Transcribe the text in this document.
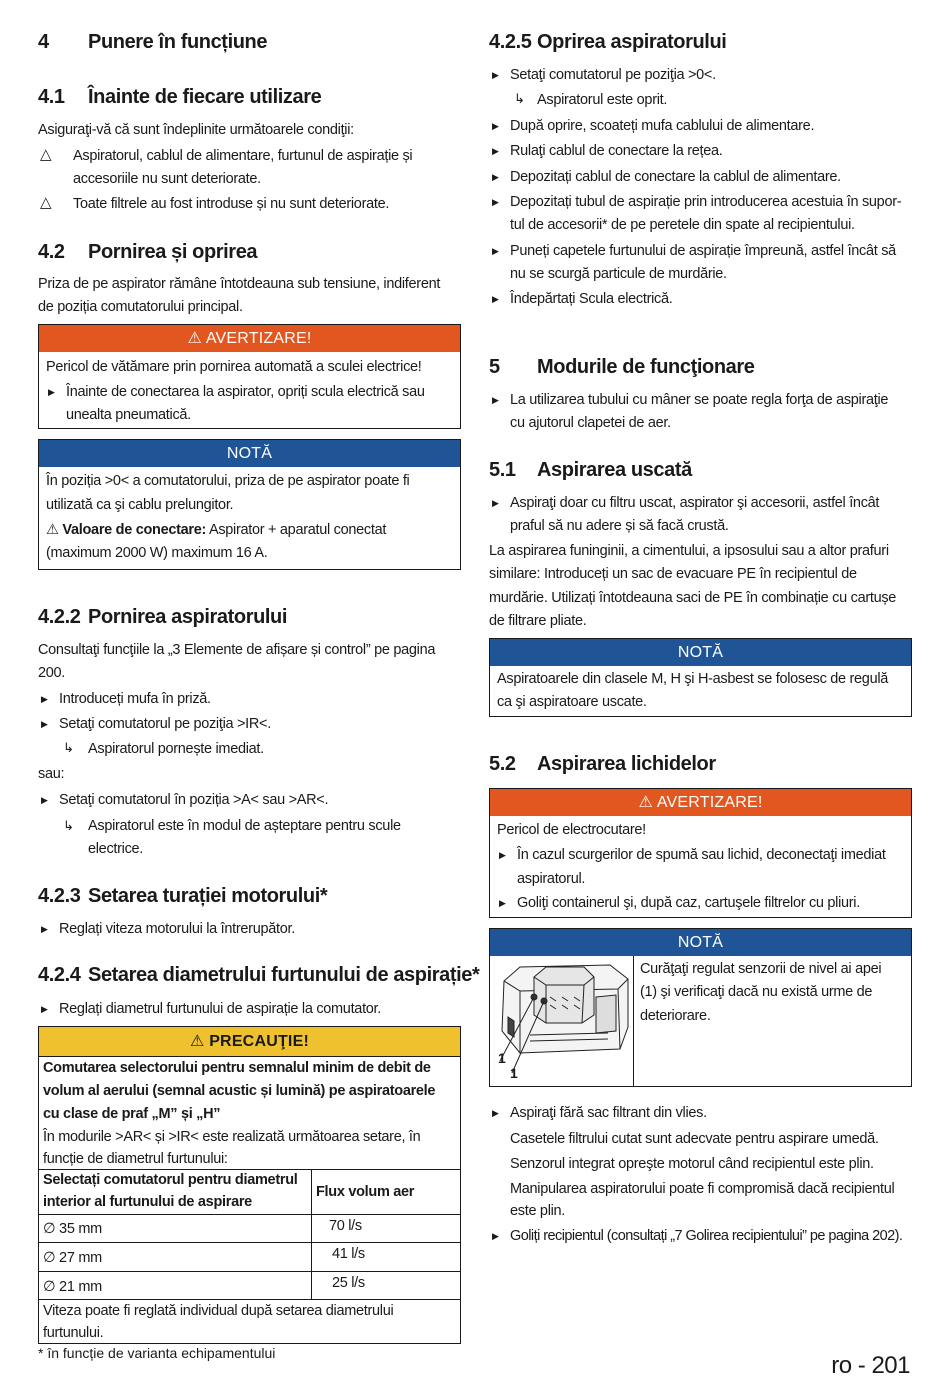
4 Punere în funcțiune
4.1 Înainte de fiecare utilizare
Asiguraţi-vă că sunt îndeplinite următoarele condiţii:
△ Aspiratorul, cablul de alimentare, furtunul de aspirație și
accesoriile nu sunt deteriorate.
△ Toate filtrele au fost introduse și nu sunt deteriorate.
4.2 Pornirea și oprirea
Priza de pe aspirator rămâne întotdeauna sub tensiune, indiferent
de poziția comutatorului principal.
⚠ AVERTIZARE!
Pericol de vătămare prin pornirea automată a sculei electrice!
▶ Înainte de conectarea la aspirator, opriți scula electrică sau
unealta pneumatică.
NOTĂ
În poziția >0< a comutatorului, priza de pe aspirator poate fi
utilizată ca şi cablu prelungitor.
⚠ Valoare de conectare: Aspirator + aparatul conectat
(maximum 2000 W) maximum 16 A.
4.2.2 Pornirea aspiratorului
Consultaţi funcţiile la „3 Elemente de afișare și control” pe pagina
200.
▶ Introduceți mufa în priză.
▶ Setaţi comutatorul pe poziţia >IR<.
↳ Aspiratorul pornește imediat.
sau:
▶ Setaţi comutatorul în poziția >A< sau >AR<.
↳ Aspiratorul este în modul de așteptare pentru scule
electrice.
4.2.3 Setarea turației motorului*
▶ Reglați viteza motorului la întrerupător.
4.2.4 Setarea diametrului furtunului de aspirație*
▶ Reglați diametrul furtunului de aspirație la comutator.
⚠ PRECAUŢIE!
Comutarea selectorului pentru semnalul minim de debit de
volum al aerului (semnal acustic și lumină) pe aspiratoarele
cu clase de praf „M” și „H”
În modurile >AR< și >IR< este realizată următoarea setare, în
funcție de diametrul furtunului:
Selectați comutatorul pentru diametrul
interior al furtunului de aspirare
Flux volum aer
∅ 35 mm	70 l/s
∅ 27 mm	41 l/s
∅ 21 mm	25 l/s
Viteza poate fi reglată individual după setarea diametrului
furtunului.
* în funcție de varianta echipamentului
4.2.5 Oprirea aspiratorului
▶ Setaţi comutatorul pe poziţia >0<.
↳ Aspiratorul este oprit.
▶ După oprire, scoateți mufa cablului de alimentare.
▶ Rulaţi cablul de conectare la rețea.
▶ Depozitați cablul de conectare la cablul de alimentare.
▶ Depozitați tubul de aspirație prin introducerea acestuia în supor-
tul de accesorii* de pe peretele din spate al recipientului.
▶ Puneți capetele furtunului de aspirație împreună, astfel încât să
nu se scurgă particule de murdărie.
▶ Îndepărtați Scula electrică.
5 Modurile de funcţionare
▶ La utilizarea tubului cu mâner se poate regla forţa de aspiraţie
cu ajutorul clapetei de aer.
5.1 Aspirarea uscată
▶ Aspiraţi doar cu filtru uscat, aspirator şi accesorii, astfel încât
praful să nu adere și să facă crustă.
La aspirarea funinginii, a cimentului, a ipsosului sau a altor prafuri
similare: Introduceți un sac de evacuare PE în recipientul de
murdărie. Utilizați întotdeauna saci de PE în combinație cu cartușe
de filtrare pliate.
NOTĂ
Aspiratoarele din clasele M, H şi H-asbest se folosesc de regulă
ca şi aspiratoare uscate.
5.2 Aspirarea lichidelor
⚠ AVERTIZARE!
Pericol de electrocutare!
▶ În cazul scurgerilor de spumă sau lichid, deconectaţi imediat
aspiratorul.
▶ Goliţi containerul şi, după caz, cartuşele filtrelor cu pliuri.
NOTĂ
1
1
Curăţaţi regulat senzorii de nivel ai apei
(1) şi verificaţi dacă nu există urme de
deteriorare.
▶ Aspiraţi fără sac filtrant din vlies.
Casetele filtrului cutat sunt adecvate pentru aspirare umedă.
Senzorul integrat opreşte motorul când recipientul este plin.
Manipularea aspiratorului poate fi compromisă dacă recipientul
este plin.
▶ Goliți recipientul (consultați „7 Golirea recipientului” pe pagina 202).
ro - 201
